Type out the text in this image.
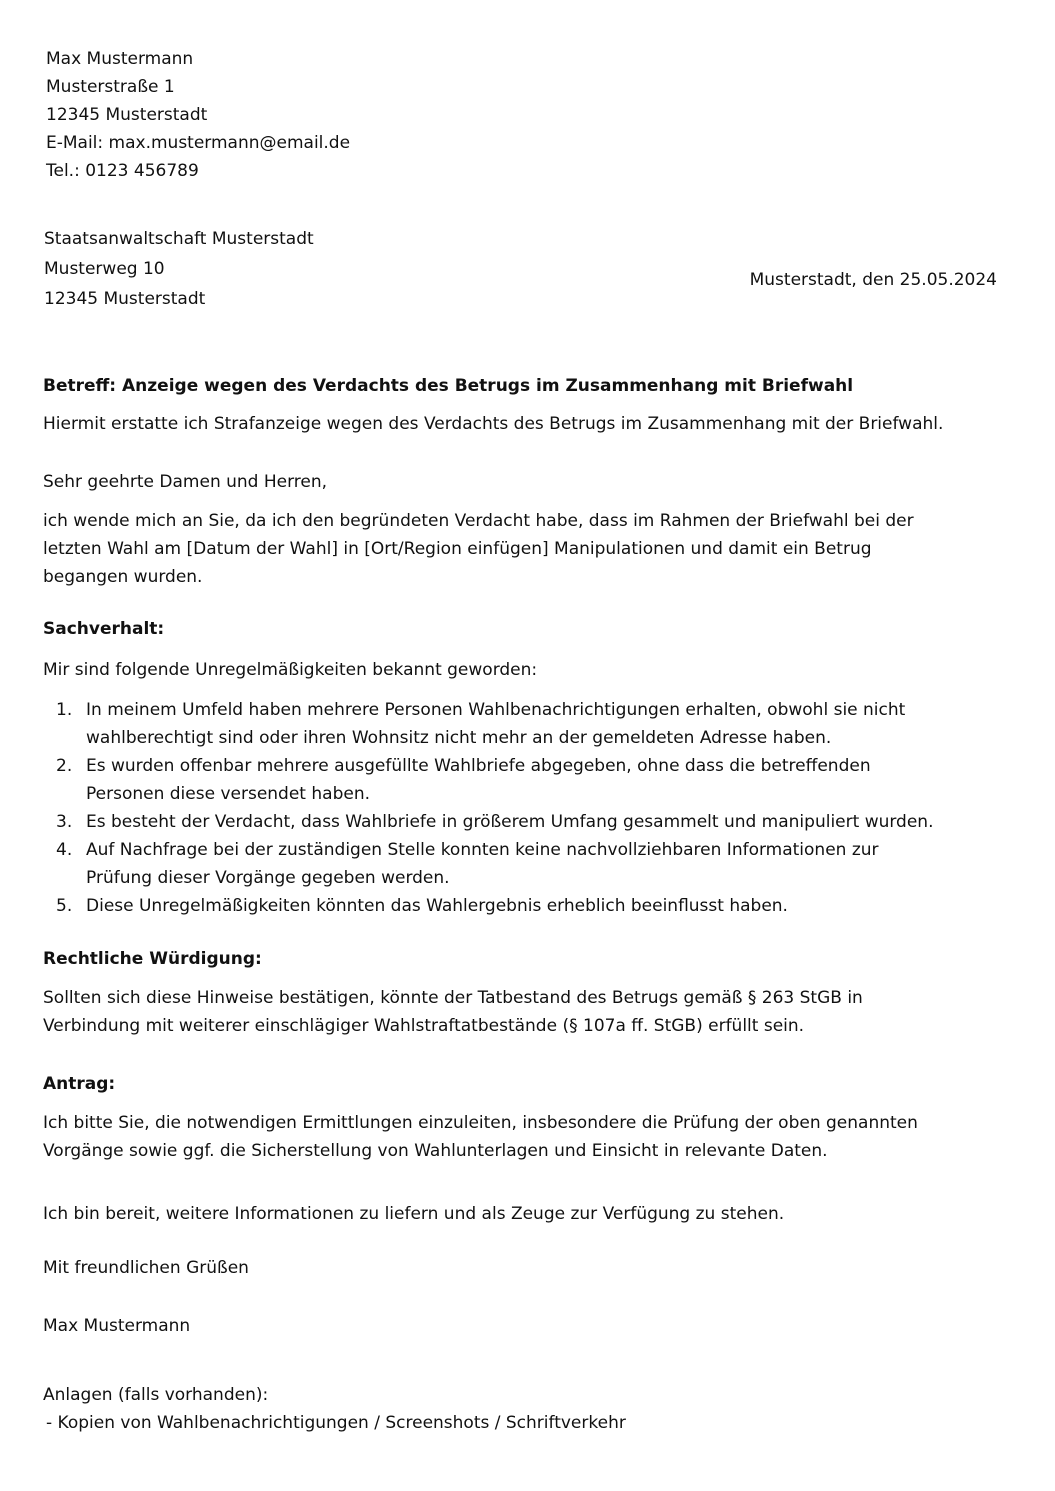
Max Mustermann
Musterstraße 1
12345 Musterstadt
E-Mail: max.mustermann@email.de
Tel.: 0123 456789
Staatsanwaltschaft Musterstadt
Musterweg 10
12345 Musterstadt
Musterstadt, den 25.05.2024
Betreff: Anzeige wegen des Verdachts des Betrugs im Zusammenhang mit Briefwahl
Hiermit erstatte ich Strafanzeige wegen des Verdachts des Betrugs im Zusammenhang mit der Briefwahl.
Sehr geehrte Damen und Herren,
ich wende mich an Sie, da ich den begründeten Verdacht habe, dass im Rahmen der Briefwahl bei der letzten Wahl am [Datum der Wahl] in [Ort/Region einfügen] Manipulationen und damit ein Betrug begangen wurden.
Sachverhalt:
Mir sind folgende Unregelmäßigkeiten bekannt geworden:
1. In meinem Umfeld haben mehrere Personen Wahlbenachrichtigungen erhalten, obwohl sie nicht wahlberechtigt sind oder ihren Wohnsitz nicht mehr an der gemeldeten Adresse haben.
2. Es wurden offenbar mehrere ausgefüllte Wahlbriefe abgegeben, ohne dass die betreffenden Personen diese versendet haben.
3. Es besteht der Verdacht, dass Wahlbriefe in größerem Umfang gesammelt und manipuliert wurden.
4. Auf Nachfrage bei der zuständigen Stelle konnten keine nachvollziehbaren Informationen zur Prüfung dieser Vorgänge gegeben werden.
5. Diese Unregelmäßigkeiten könnten das Wahlergebnis erheblich beeinflusst haben.
Rechtliche Würdigung:
Sollten sich diese Hinweise bestätigen, könnte der Tatbestand des Betrugs gemäß § 263 StGB in Verbindung mit weiterer einschlägiger Wahlstraftatbestände (§ 107a ff. StGB) erfüllt sein.
Antrag:
Ich bitte Sie, die notwendigen Ermittlungen einzuleiten, insbesondere die Prüfung der oben genannten Vorgänge sowie ggf. die Sicherstellung von Wahlunterlagen und Einsicht in relevante Daten.
Ich bin bereit, weitere Informationen zu liefern und als Zeuge zur Verfügung zu stehen.
Mit freundlichen Grüßen
Max Mustermann
Anlagen (falls vorhanden):
- Kopien von Wahlbenachrichtigungen / Screenshots / Schriftverkehr
